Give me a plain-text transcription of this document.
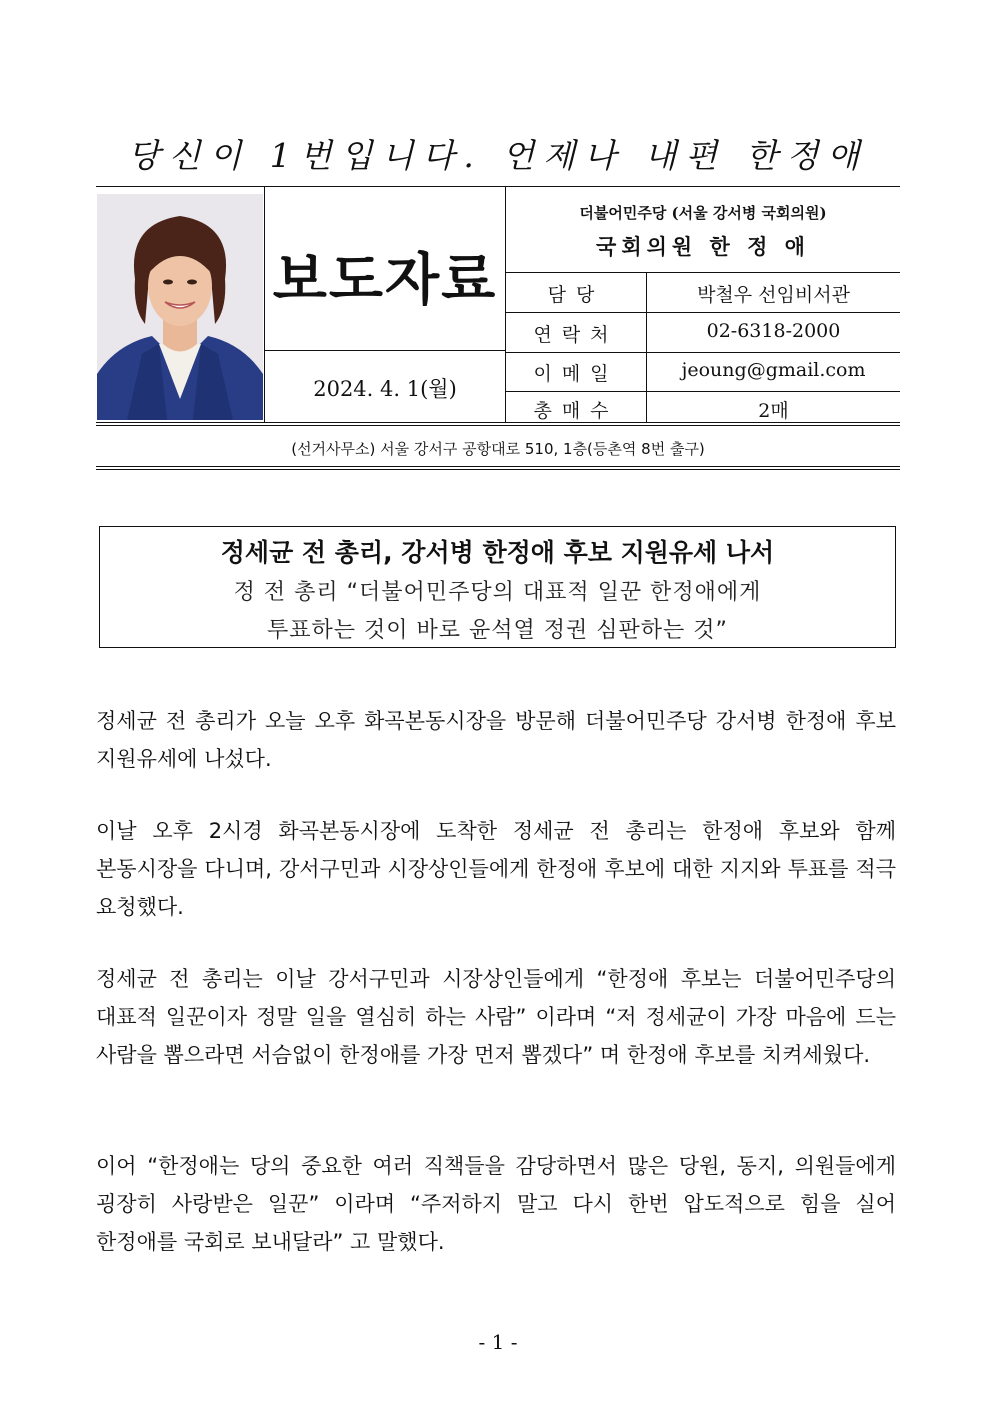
당신이 1번입니다. 언제나 내편 한정애
보도자료
2024. 4. 1(월)
더불어민주당 (서울 강서병 국회의원)
국회의원 한 정 애
담당	박철우 선임비서관
연락처	02-6318-2000
이메일	jeoung@gmail.com
총매수	2매
(선거사무소) 서울 강서구 공항대로 510, 1층(등촌역 8번 출구)
정세균 전 총리, 강서병 한정애 후보 지원유세 나서
정 전 총리 “더불어민주당의 대표적 일꾼 한정애에게
투표하는 것이 바로 윤석열 정권 심판하는 것”
정세균 전 총리가 오늘 오후 화곡본동시장을 방문해 더불어민주당 강서병 한정애 후보 지원유세에 나섰다.
이날 오후 2시경 화곡본동시장에 도착한 정세균 전 총리는 한정애 후보와 함께 본동시장을 다니며, 강서구민과 시장상인들에게 한정애 후보에 대한 지지와 투표를 적극 요청했다.
정세균 전 총리는 이날 강서구민과 시장상인들에게 “한정애 후보는 더불어민주당의 대표적 일꾼이자 정말 일을 열심히 하는 사람” 이라며 “저 정세균이 가장 마음에 드는 사람을 뽑으라면 서슴없이 한정애를 가장 먼저 뽑겠다” 며 한정애 후보를 치켜세웠다.
이어 “한정애는 당의 중요한 여러 직책들을 감당하면서 많은 당원, 동지, 의원들에게 굉장히 사랑받은 일꾼” 이라며 “주저하지 말고 다시 한번 압도적으로 힘을 실어 한정애를 국회로 보내달라” 고 말했다.
- 1 -
